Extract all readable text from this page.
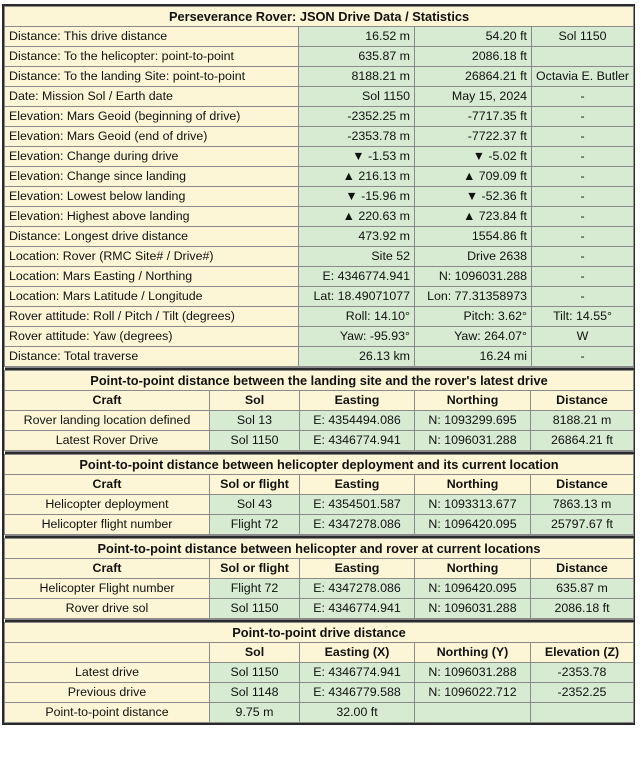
Perseverance Rover: JSON Drive Data / Statistics			
Distance: This drive distance	16.52 m	54.20 ft	Sol 1150
Distance: To the helicopter: point-to-point	635.87 m	2086.18 ft	
Distance: To the landing Site: point-to-point	8188.21 m	26864.21 ft	Octavia E. Butler
Date: Mission Sol / Earth date	Sol 1150	May 15, 2024	-
Elevation: Mars Geoid (beginning of drive)	-2352.25 m	-7717.35 ft	-
Elevation: Mars Geoid (end of drive)	-2353.78 m	-7722.37 ft	-
Elevation: Change during drive	▼ -1.53 m	▼ -5.02 ft	-
Elevation: Change since landing	▲ 216.13 m	▲ 709.09 ft	-
Elevation: Lowest below landing	▼ -15.96 m	▼ -52.36 ft	-
Elevation: Highest above landing	▲ 220.63 m	▲ 723.84 ft	-
Distance: Longest drive distance	473.92 m	1554.86 ft	-
Location: Rover (RMC Site# / Drive#)	Site 52	Drive 2638	-
Location: Mars Easting / Northing	E: 4346774.941	N: 1096031.288	-
Location: Mars Latitude / Longitude	Lat: 18.49071077	Lon: 77.31358973	-
Rover attitude: Roll / Pitch / Tilt (degrees)	Roll: 14.10°	Pitch: 3.62°	Tilt: 14.55°
Rover attitude: Yaw (degrees)	Yaw: -95.93°	Yaw: 264.07°	W
Distance: Total traverse	26.13 km	16.24 mi	-

Point-to-point distance between the landing site and the rover's latest drive				
Craft	Sol	Easting	Northing	Distance
Rover landing location defined	Sol 13	E: 4354494.086	N: 1093299.695	8188.21 m
Latest Rover Drive	Sol 1150	E: 4346774.941	N: 1096031.288	26864.21 ft

Point-to-point distance between helicopter deployment and its current location				
Craft	Sol or flight	Easting	Northing	Distance
Helicopter deployment	Sol 43	E: 4354501.587	N: 1093313.677	7863.13 m
Helicopter flight number	Flight 72	E: 4347278.086	N: 1096420.095	25797.67 ft

Point-to-point distance between helicopter and rover at current locations				
Craft	Sol or flight	Easting	Northing	Distance
Helicopter Flight number	Flight 72	E: 4347278.086	N: 1096420.095	635.87 m
Rover drive sol	Sol 1150	E: 4346774.941	N: 1096031.288	2086.18 ft

Point-to-point drive distance				
	Sol	Easting (X)	Northing (Y)	Elevation (Z)
Latest drive	Sol 1150	E: 4346774.941	N: 1096031.288	-2353.78
Previous drive	Sol 1148	E: 4346779.588	N: 1096022.712	-2352.25
Point-to-point distance	9.75 m	32.00 ft		
